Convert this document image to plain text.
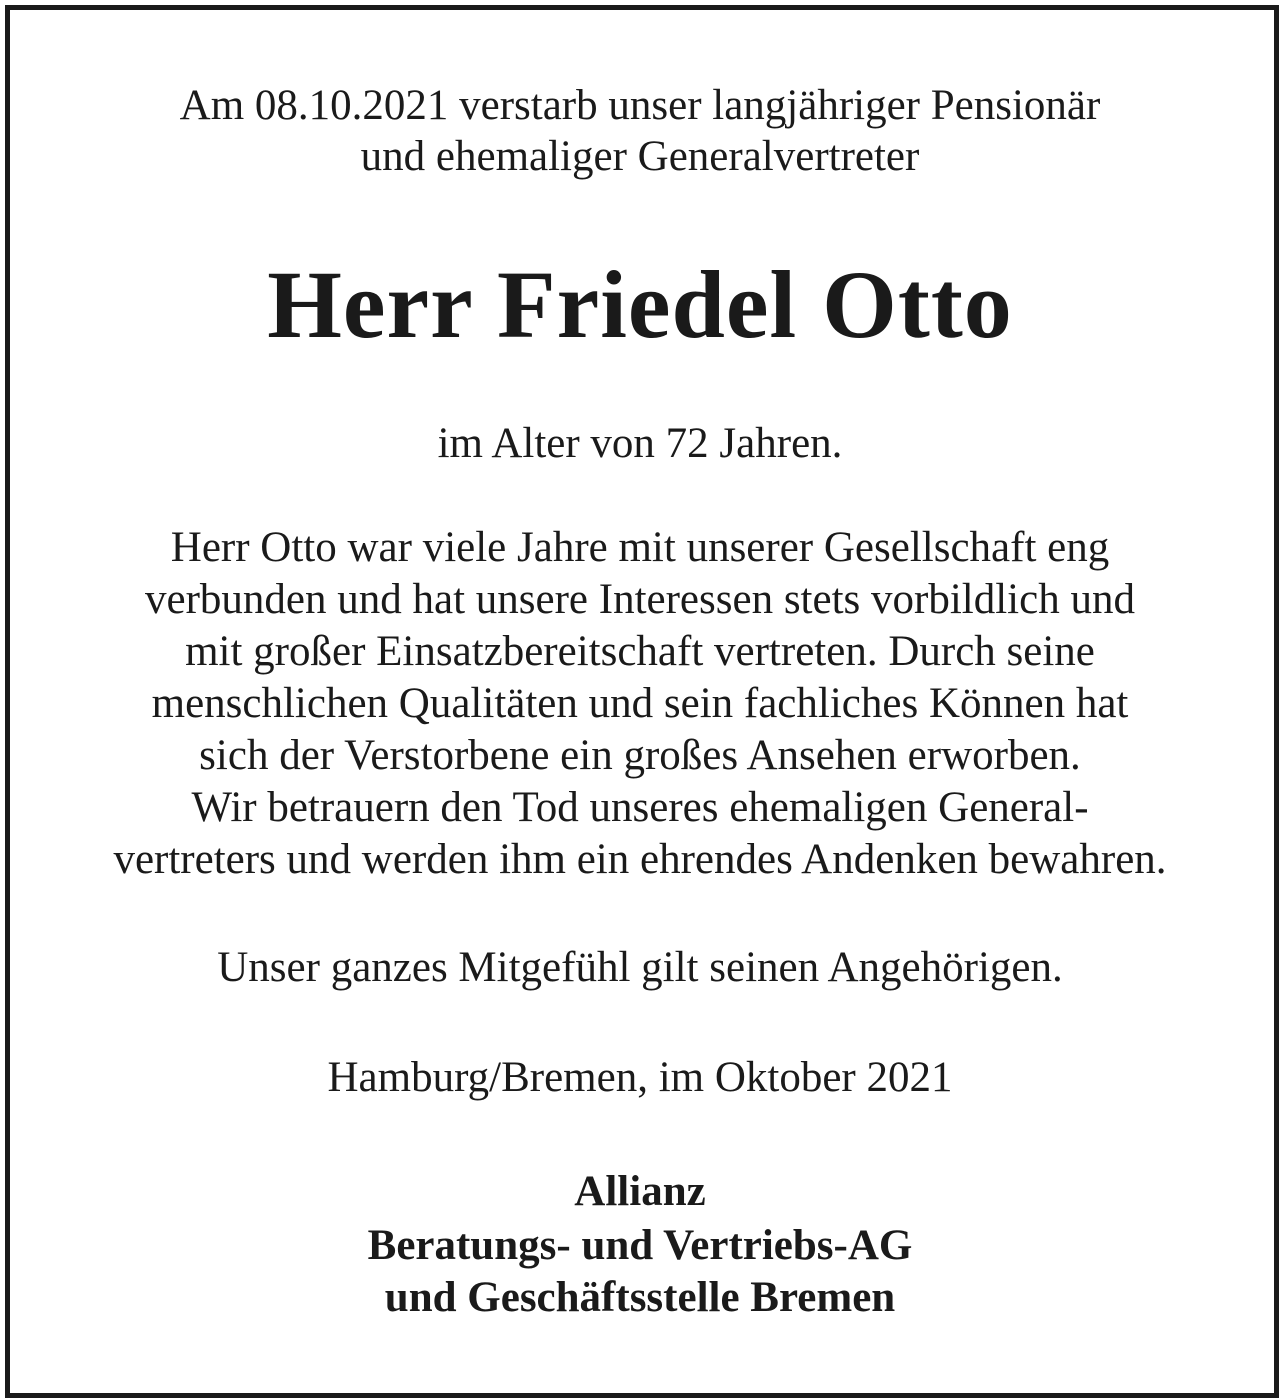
Am 08.10.2021 verstarb unser langjähriger Pensionär
und ehemaliger Generalvertreter
Herr Friedel Otto
im Alter von 72 Jahren.
Herr Otto war viele Jahre mit unserer Gesellschaft eng
verbunden und hat unsere Interessen stets vorbildlich und
mit großer Einsatzbereitschaft vertreten. Durch seine
menschlichen Qualitäten und sein fachliches Können hat
sich der Verstorbene ein großes Ansehen erworben.
Wir betrauern den Tod unseres ehemaligen General-
vertreters und werden ihm ein ehrendes Andenken bewahren.
Unser ganzes Mitgefühl gilt seinen Angehörigen.
Hamburg/Bremen, im Oktober 2021
Allianz
Beratungs- und Vertriebs-AG
und Geschäftsstelle Bremen
